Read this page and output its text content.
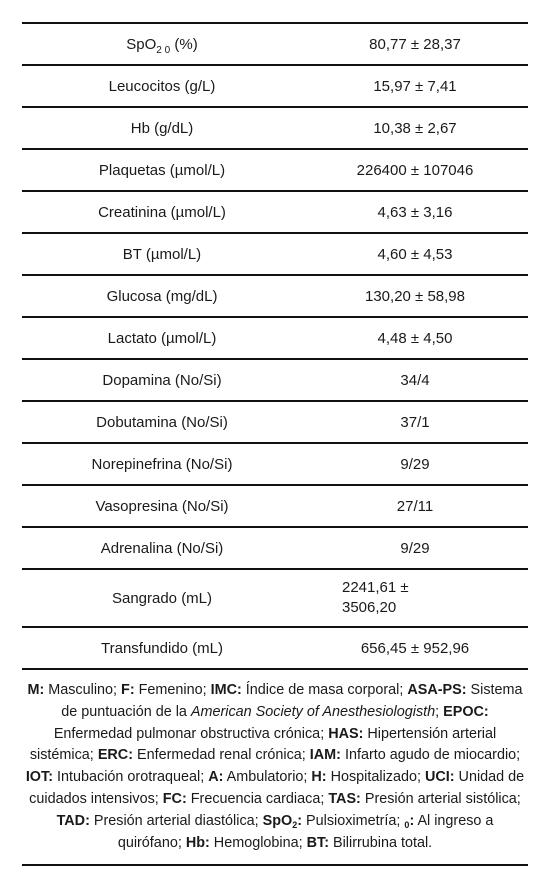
SpO$_{2 0}$ (%)	80,77 ± 28,37
Leucocitos (g/L)	15,97 ± 7,41
Hb (g/dL)	10,38 ± 2,67
Plaquetas (µmol/L)	226400 ± 107046
Creatinina (µmol/L)	4,63 ± 3,16
BT (µmol/L)	4,60 ± 4,53
Glucosa (mg/dL)	130,20 ± 58,98
Lactato (µmol/L)	4,48 ± 4,50
Dopamina (No/Si)	34/4
Dobutamina (No/Si)	37/1
Norepinefrina (No/Si)	9/29
Vasopresina (No/Si)	27/11
Adrenalina (No/Si)	9/29
Sangrado (mL)	2241,61 ±
3506,20
Transfundido (mL)	656,45 ± 952,96
M: Masculino; F: Femenino; IMC: Índice de masa corporal; ASA-PS: Sistema de puntuación de la American Society of Anesthesiologisth; EPOC: Enfermedad pulmonar obstructiva crónica; HAS: Hipertensión arterial sistémica; ERC: Enfermedad renal crónica; IAM: Infarto agudo de miocardio; IOT: Intubación orotraqueal; A: Ambulatorio; H: Hospitalizado; UCI: Unidad de cuidados intensivos; FC: Frecuencia cardiaca; TAS: Presión arterial sistólica; TAD: Presión arterial diastólica; SpO$_2$: Pulsioximetría; $_0$: Al ingreso a quirófano; Hb: Hemoglobina; BT: Bilirrubina total.
